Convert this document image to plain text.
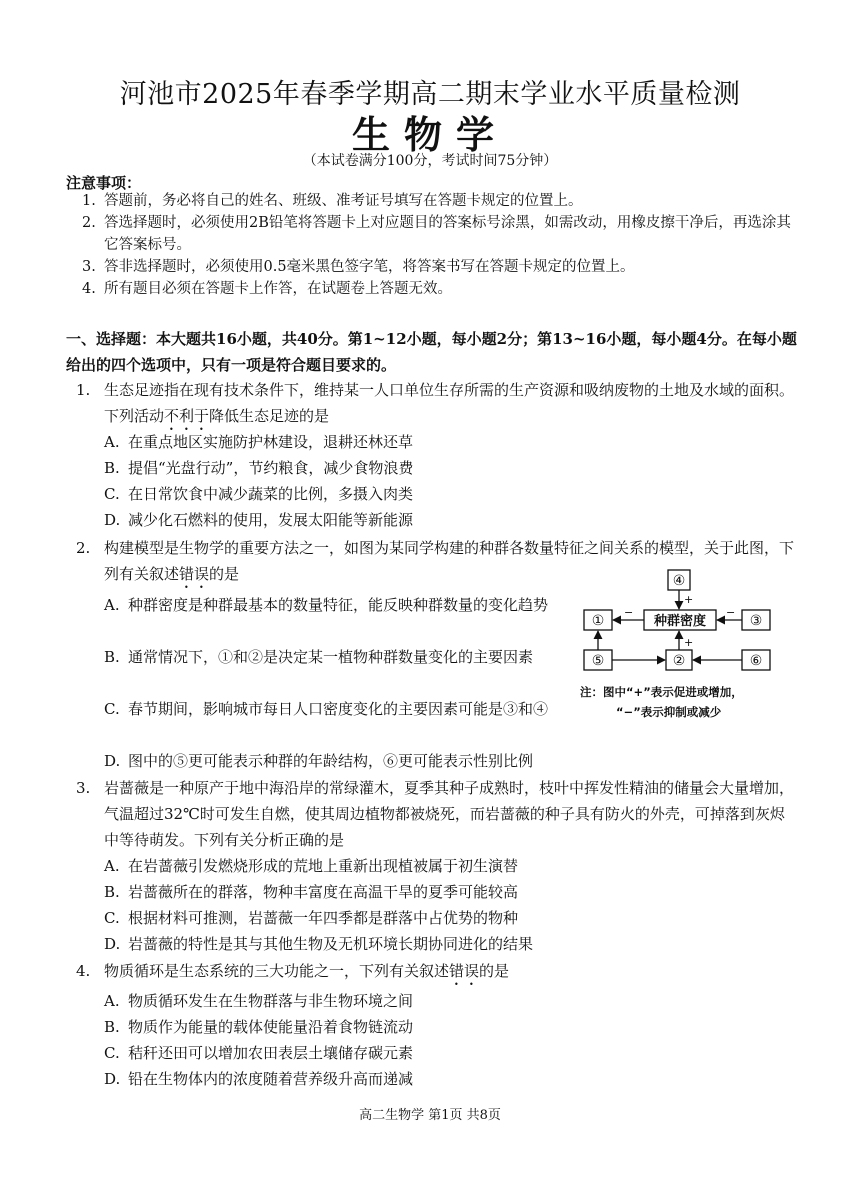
河池市2025年春季学期高二期末学业水平质量检测
生物学
（本试卷满分100分，考试时间75分钟）
注意事项：
1. 答题前，务必将自己的姓名、班级、准考证号填写在答题卡规定的位置上。
2. 答选择题时，必须使用2B铅笔将答题卡上对应题目的答案标号涂黑，如需改动，用橡皮擦干净后，再选涂其它答案标号。
3. 答非选择题时，必须使用0.5毫米黑色签字笔，将答案书写在答题卡规定的位置上。
4. 所有题目必须在答题卡上作答，在试题卷上答题无效。
一、选择题：本大题共16小题，共40分。第1~12小题，每小题2分；第13~16小题，每小题4分。在每小题给出的四个选项中，只有一项是符合题目要求的。
1. 生态足迹指在现有技术条件下，维持某一人口单位生存所需的生产资源和吸纳废物的土地及水域的面积。下列活动不利于降低生态足迹的是
A. 在重点地区实施防护林建设，退耕还林还草
B. 提倡“光盘行动”，节约粮食，减少食物浪费
C. 在日常饮食中减少蔬菜的比例，多摄入肉类
D. 减少化石燃料的使用，发展太阳能等新能源
2. 构建模型是生物学的重要方法之一，如图为某同学构建的种群各数量特征之间关系的模型，关于此图，下列有关叙述错误的是
A. 种群密度是种群最基本的数量特征，能反映种群数量的变化趋势
B. 通常情况下，①和②是决定某一植物种群数量变化的主要因素
C. 春节期间，影响城市每日人口密度变化的主要因素可能是③和④
D. 图中的⑤更可能表示种群的年龄结构，⑥更可能表示性别比例
④
①	种群密度	③
⑤	②	⑥
+
−	−
+
注：图中“+”表示促进或增加，
“−”表示抑制或减少
3. 岩蔷薇是一种原产于地中海沿岸的常绿灌木，夏季其种子成熟时，枝叶中挥发性精油的储量会大量增加，气温超过32℃时可发生自燃，使其周边植物都被烧死，而岩蔷薇的种子具有防火的外壳，可掉落到灰烬中等待萌发。下列有关分析正确的是
A. 在岩蔷薇引发燃烧形成的荒地上重新出现植被属于初生演替
B. 岩蔷薇所在的群落，物种丰富度在高温干旱的夏季可能较高
C. 根据材料可推测，岩蔷薇一年四季都是群落中占优势的物种
D. 岩蔷薇的特性是其与其他生物及无机环境长期协同进化的结果
4. 物质循环是生态系统的三大功能之一，下列有关叙述错误的是
A. 物质循环发生在生物群落与非生物环境之间
B. 物质作为能量的载体使能量沿着食物链流动
C. 秸秆还田可以增加农田表层土壤储存碳元素
D. 铅在生物体内的浓度随着营养级升高而递减
高二生物学 第1页 共8页
